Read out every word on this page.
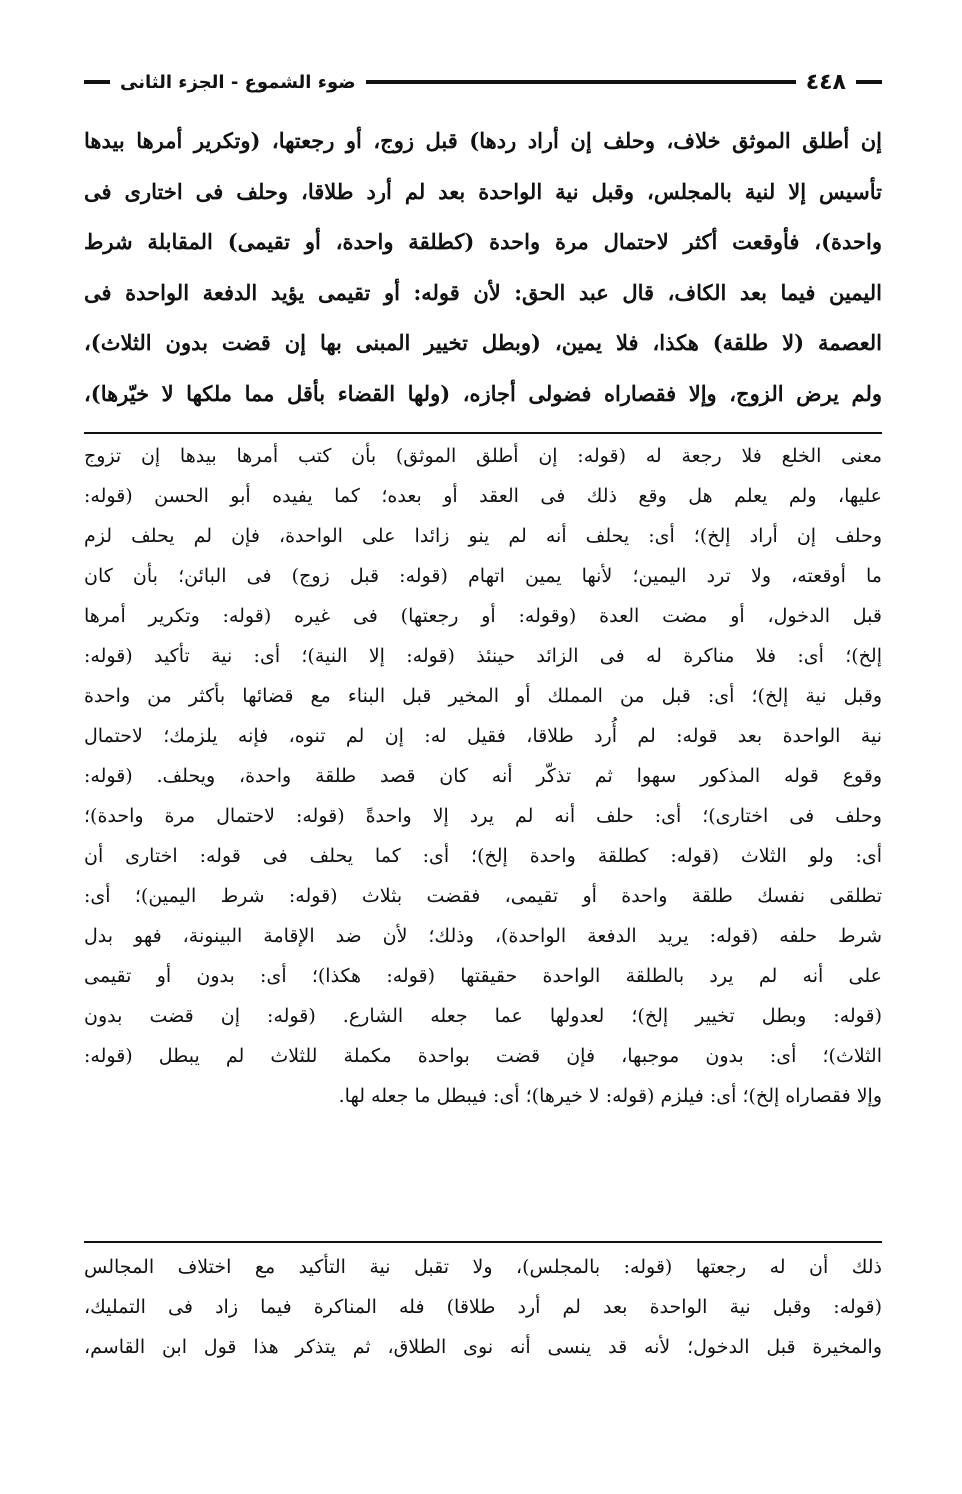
٤٤٨
ضوء الشموع - الجزء الثانى

إن أطلق الموثق خلاف، وحلف إن أراد ردها) قبل زوج، أو رجعتها، (وتكرير أمرها بيدها

تأسيس إلا لنية بالمجلس، وقبل نية الواحدة بعد لم أرد طلاقا، وحلف فى اختارى فى

واحدة)، فأوقعت أكثر لاحتمال مرة واحدة (كطلقة واحدة، أو تقيمى) المقابلة شرط

اليمين فيما بعد الكاف، قال عبد الحق: لأن قوله: أو تقيمى يؤيد الدفعة الواحدة فى

العصمة (لا طلقة) هكذا، فلا يمين، (وبطل تخيير المبنى بها إن قضت بدون الثلاث)،

ولم يرض الزوج، وإلا فقصاراه فضولى أجازه، (ولها القضاء بأقل مما ملكها لا خيّرها)،

معنى الخلع فلا رجعة له (قوله: إن أطلق الموثق) بأن كتب أمرها بيدها إن تزوج

عليها، ولم يعلم هل وقع ذلك فى العقد أو بعده؛ كما يفيده أبو الحسن (قوله:

وحلف إن أراد إلخ)؛ أى: يحلف أنه لم ينو زائدا على الواحدة، فإن لم يحلف لزم

ما أوقعته، ولا ترد اليمين؛ لأنها يمين اتهام (قوله: قبل زوج) فى البائن؛ بأن كان

قبل الدخول، أو مضت العدة (وقوله: أو رجعتها) فى غيره (قوله: وتكرير أمرها

إلخ)؛ أى: فلا مناكرة له فى الزائد حينئذ (قوله: إلا النية)؛ أى: نية تأكيد (قوله:

وقبل نية إلخ)؛ أى: قبل من المملك أو المخير قبل البناء مع قضائها بأكثر من واحدة

نية الواحدة بعد قوله: لم أُرد طلاقا، فقيل له: إن لم تنوه، فإنه يلزمك؛ لاحتمال

وقوع قوله المذكور سهوا ثم تذكّر أنه كان قصد طلقة واحدة، ويحلف. (قوله:

وحلف فى اختارى)؛ أى: حلف أنه لم يرد إلا واحدةً (قوله: لاحتمال مرة واحدة)؛

أى: ولو الثلاث (قوله: كطلقة واحدة إلخ)؛ أى: كما يحلف فى قوله: اختارى أن

تطلقى نفسك طلقة واحدة أو تقيمى، فقضت بثلاث (قوله: شرط اليمين)؛ أى:

شرط حلفه (قوله: يريد الدفعة الواحدة)، وذلك؛ لأن ضد الإقامة البينونة، فهو بدل

على أنه لم يرد بالطلقة الواحدة حقيقتها (قوله: هكذا)؛ أى: بدون أو تقيمى

(قوله: وبطل تخيير إلخ)؛ لعدولها عما جعله الشارع. (قوله: إن قضت بدون

الثلاث)؛ أى: بدون موجبها، فإن قضت بواحدة مكملة للثلاث لم يبطل (قوله:

وإلا فقصاراه إلخ)؛ أى: فيلزم (قوله: لا خيرها)؛ أى: فيبطل ما جعله لها.

ذلك أن له رجعتها (قوله: بالمجلس)، ولا تقبل نية التأكيد مع اختلاف المجالس

(قوله: وقبل نية الواحدة بعد لم أرد طلاقا) فله المناكرة فيما زاد فى التمليك،

والمخيرة قبل الدخول؛ لأنه قد ينسى أنه نوى الطلاق، ثم يتذكر هذا قول ابن القاسم،
